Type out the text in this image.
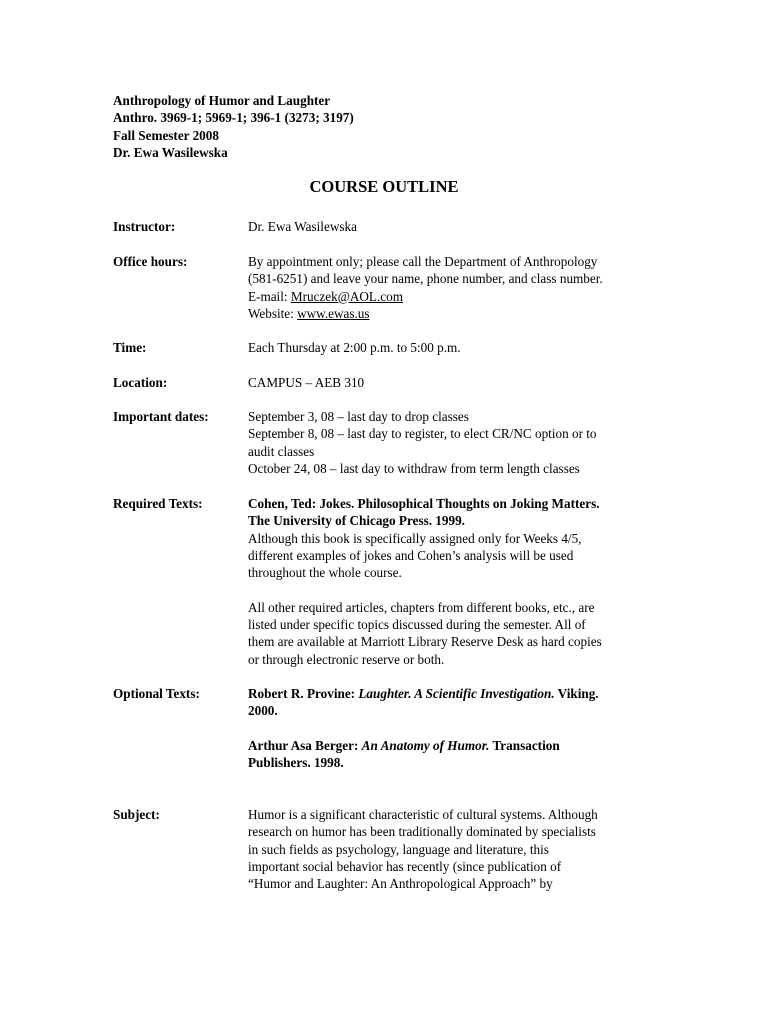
Anthropology of Humor and Laughter
Anthro. 3969-1; 5969-1; 396-1 (3273; 3197)
Fall Semester 2008
Dr. Ewa Wasilewska
COURSE OUTLINE
Instructor:	Dr. Ewa Wasilewska
Office hours:	By appointment only; please call the Department of Anthropology
(581-6251) and leave your name, phone number, and class number.
E-mail: Mruczek@AOL.com
Website: www.ewas.us
Time:	Each Thursday at 2:00 p.m. to 5:00 p.m.
Location:	CAMPUS – AEB 310
Important dates:	September 3, 08 – last day to drop classes
September 8, 08 – last day to register, to elect CR/NC option or to
audit classes
October 24, 08 – last day to withdraw from term length classes
Required Texts:	Cohen, Ted: Jokes. Philosophical Thoughts on Joking Matters.
The University of Chicago Press. 1999.
Although this book is specifically assigned only for Weeks 4/5,
different examples of jokes and Cohen’s analysis will be used
throughout the whole course.
All other required articles, chapters from different books, etc., are
listed under specific topics discussed during the semester. All of
them are available at Marriott Library Reserve Desk as hard copies
or through electronic reserve or both.
Optional Texts:	Robert R. Provine: Laughter. A Scientific Investigation. Viking.
2000.
Arthur Asa Berger: An Anatomy of Humor. Transaction
Publishers. 1998.
Subject:	Humor is a significant characteristic of cultural systems. Although
research on humor has been traditionally dominated by specialists
in such fields as psychology, language and literature, this
important social behavior has recently (since publication of
“Humor and Laughter: An Anthropological Approach” by
